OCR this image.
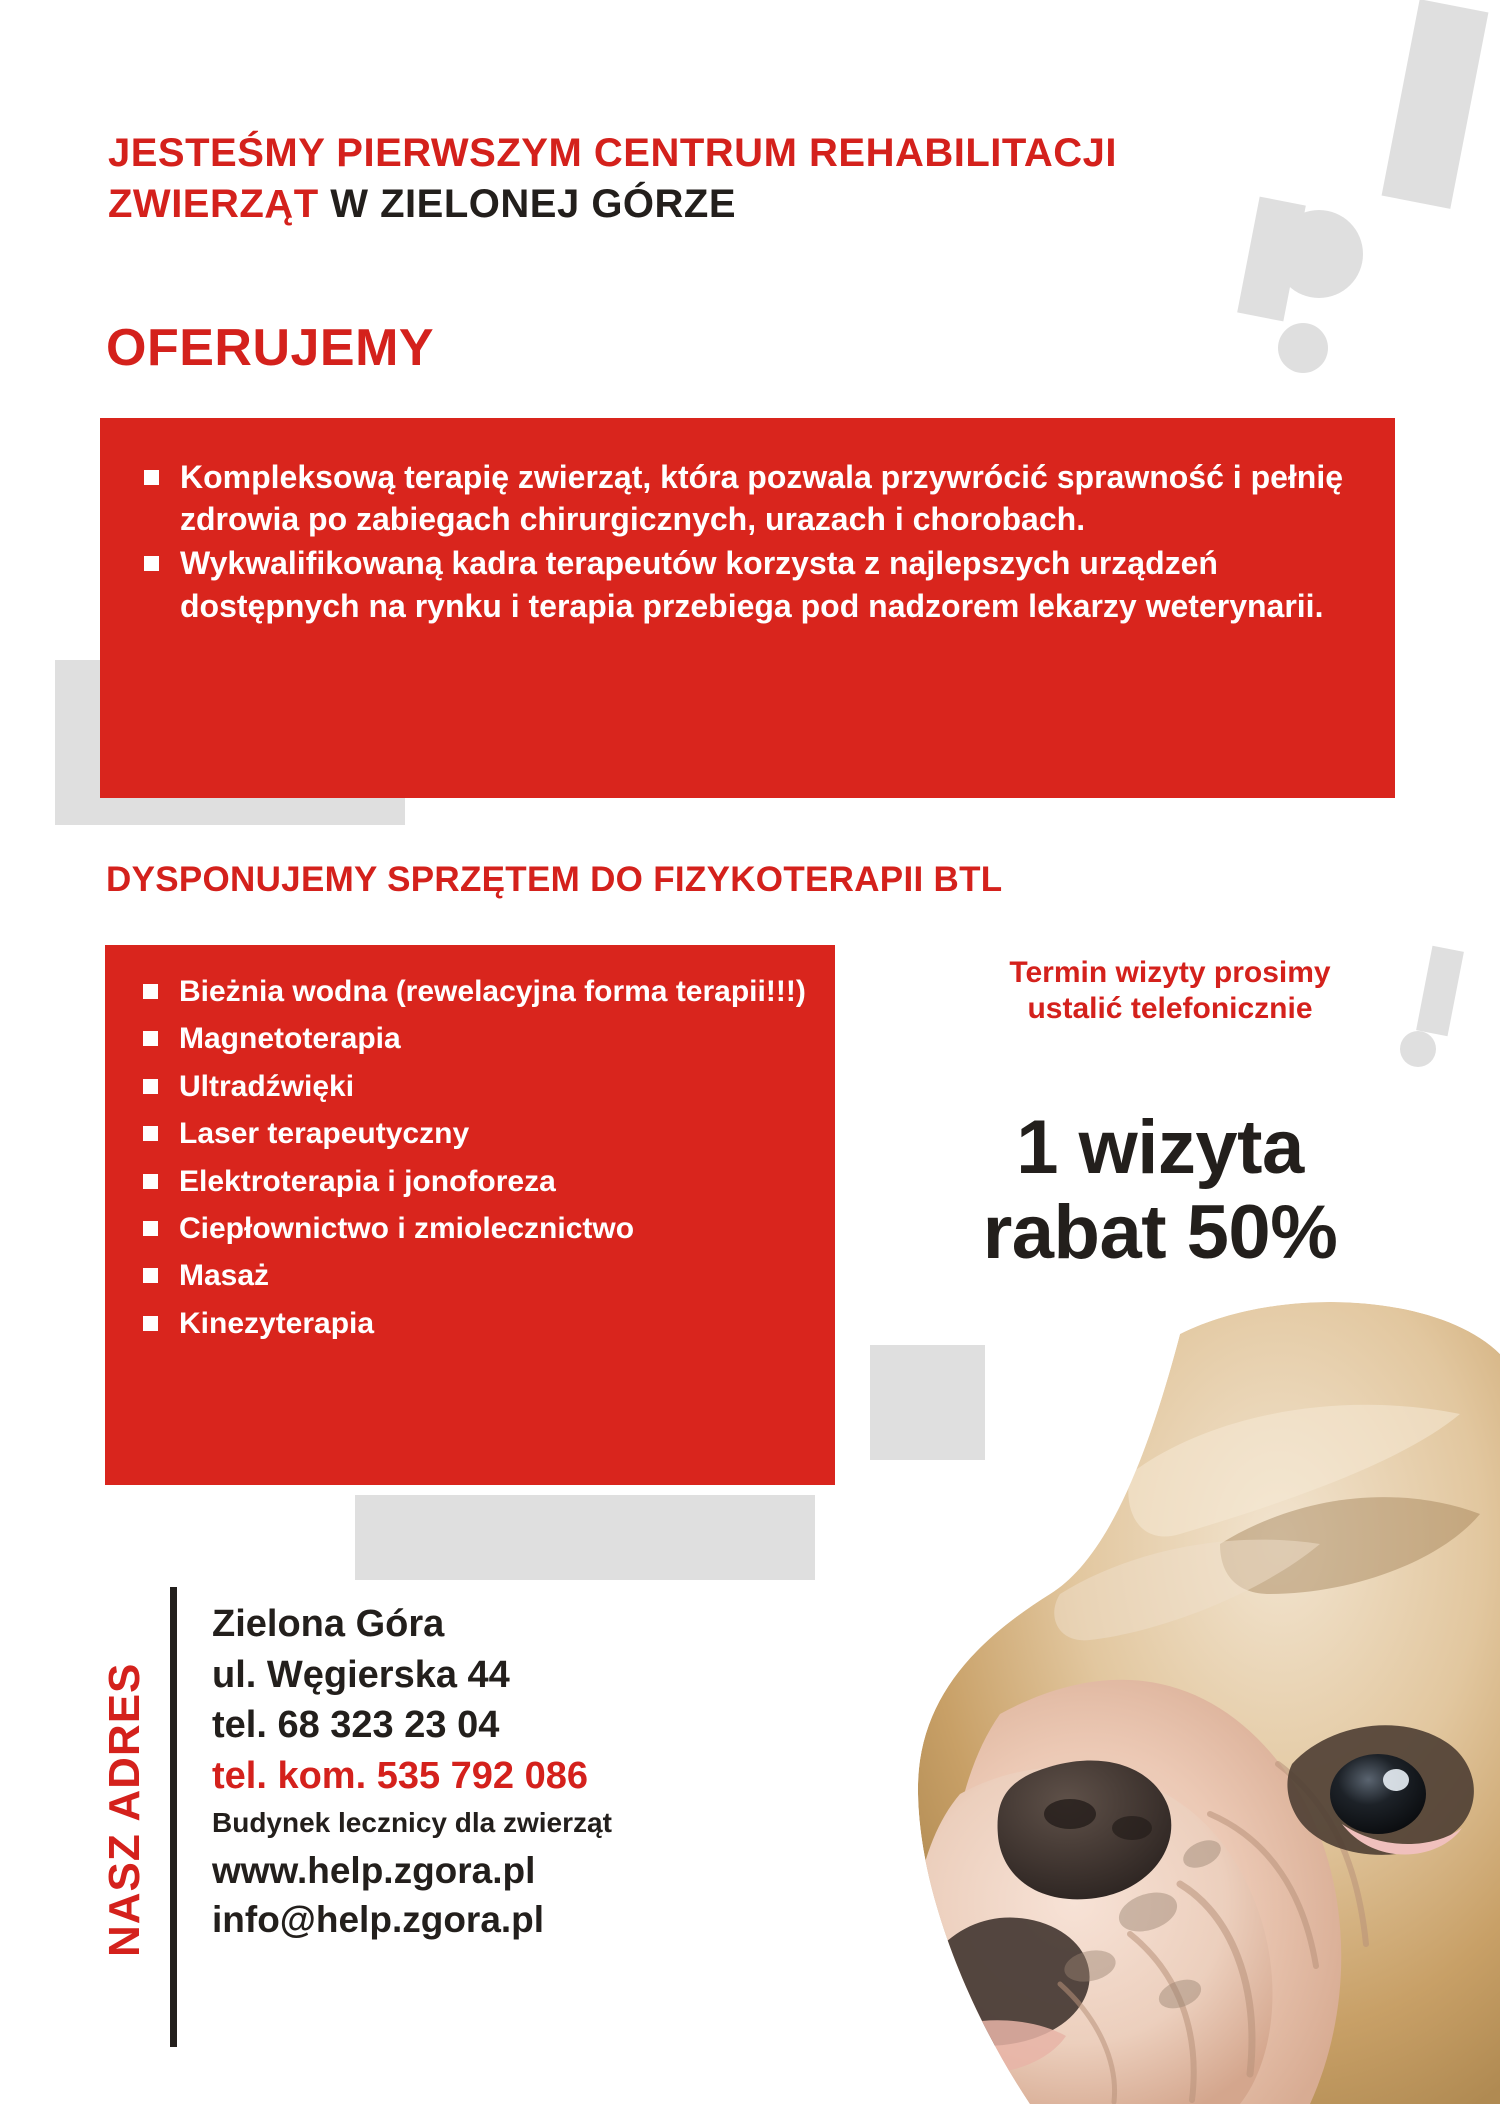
JESTEŚMY PIERWSZYM CENTRUM REHABILITACJI
ZWIERZĄT W ZIELONEJ GÓRZE
OFERUJEMY
Kompleksową terapię zwierząt, która pozwala przywrócić sprawność i pełnię zdrowia po zabiegach chirurgicznych, urazach i chorobach.
Wykwalifikowaną kadra terapeutów korzysta z najlepszych urządzeń dostępnych na rynku i terapia przebiega pod nadzorem lekarzy weterynarii.
DYSPONUJEMY SPRZĘTEM DO FIZYKOTERAPII BTL
Bieżnia wodna (rewelacyjna forma terapii!!!)
Magnetoterapia
Ultradźwięki
Laser terapeutyczny
Elektroterapia i jonoforeza
Ciepłownictwo i zmiolecznictwo
Masaż
Kinezyterapia
Termin wizyty prosimy
ustalić telefonicznie
1 wizyta
rabat 50%
NASZ ADRES
Zielona Góra
ul. Węgierska 44
tel. 68 323 23 04
tel. kom. 535 792 086
Budynek lecznicy dla zwierząt
www.help.zgora.pl
info@help.zgora.pl
